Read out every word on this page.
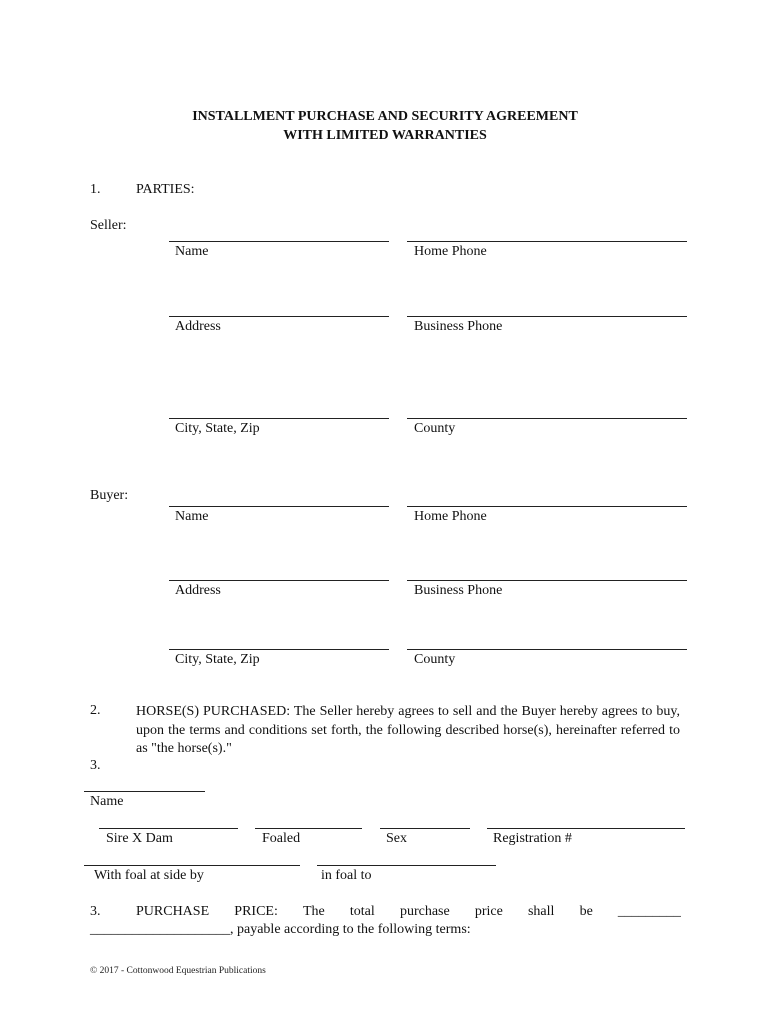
INSTALLMENT PURCHASE AND SECURITY AGREEMENT
WITH LIMITED WARRANTIES
1.	PARTIES:
Seller:
Name	Home Phone
Address	Business Phone
City, State, Zip	County
Buyer:
Name	Home Phone
Address	Business Phone
City, State, Zip	County
2.	HORSE(S) PURCHASED: The Seller hereby agrees to sell and the Buyer hereby agrees to buy, upon the terms and conditions set forth, the following described horse(s), hereinafter referred to as "the horse(s)."
3.
Name
Sire X Dam	Foaled	Sex	Registration #
With foal at side by	in foal to
3.	PURCHASE PRICE: The total purchase price shall be _________
____________________, payable according to the following terms:
© 2017 - Cottonwood Equestrian Publications
